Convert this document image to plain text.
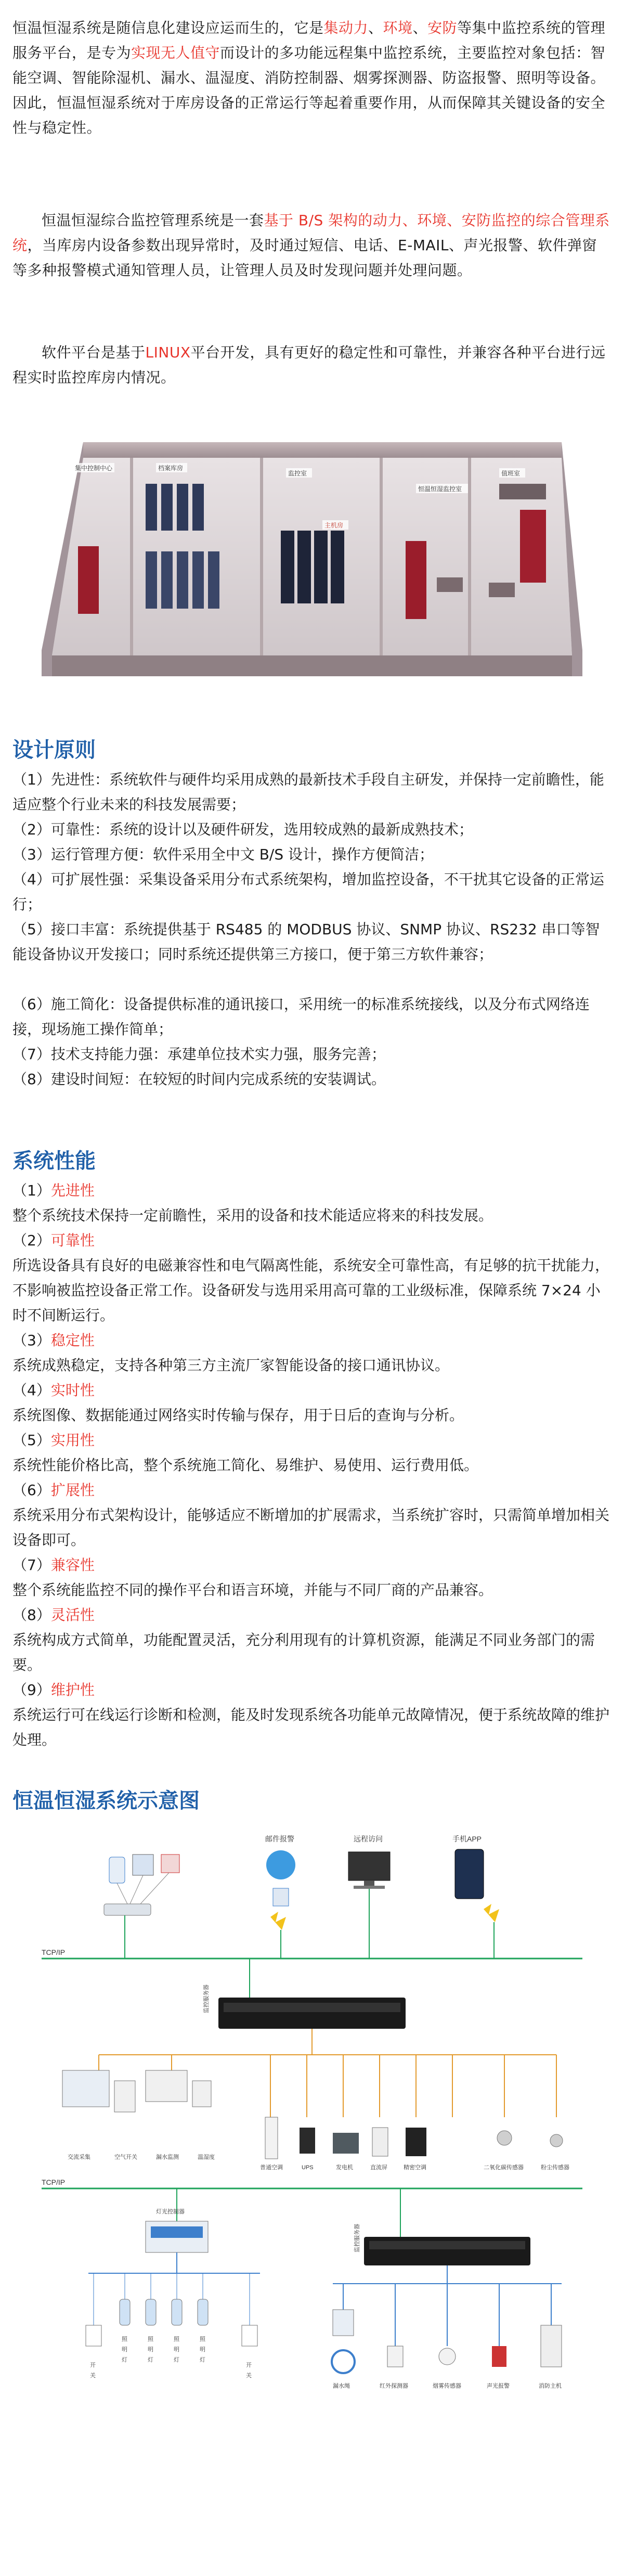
恒温恒湿系统是随信息化建设应运而生的，它是集动力、环境、安防等集中监控系统的管理服务平台，是专为实现无人值守而设计的多功能远程集中监控系统，主要监控对象包括：智能空调、智能除湿机、漏水、温湿度、消防控制器、烟雾探测器、防盗报警、照明等设备。因此，恒温恒湿系统对于库房设备的正常运行等起着重要作用，从而保障其关键设备的安全性与稳定性。
恒温恒湿综合监控管理系统是一套基于 B/S 架构的动力、环境、安防监控的综合管理系统，当库房内设备参数出现异常时，及时通过短信、电话、E-MAIL、声光报警、软件弹窗等多种报警模式通知管理人员，让管理人员及时发现问题并处理问题。
软件平台是基于LINUX平台开发，具有更好的稳定性和可靠性，并兼容各种平台进行远程实时监控库房内情况。
集中控制中心	档案库房
监控室
主机房
恒温恒湿监控室
值班室
设计原则
（1）先进性：系统软件与硬件均采用成熟的最新技术手段自主研发，并保持一定前瞻性，能适应整个行业未来的科技发展需要；
（2）可靠性：系统的设计以及硬件研发，选用较成熟的最新成熟技术；
（3）运行管理方便：软件采用全中文 B/S 设计，操作方便简洁；
（4）可扩展性强：采集设备采用分布式系统架构，增加监控设备，不干扰其它设备的正常运行；
（5）接口丰富：系统提供基于 RS485 的 MODBUS 协议、SNMP 协议、RS232 串口等智能设备协议开发接口；同时系统还提供第三方接口，便于第三方软件兼容；
（6）施工简化：设备提供标准的通讯接口，采用统一的标准系统接线，以及分布式网络连接，现场施工操作简单；
（7）技术支持能力强：承建单位技术实力强，服务完善；
（8）建设时间短：在较短的时间内完成系统的安装调试。
系统性能
（1）先进性
整个系统技术保持一定前瞻性，采用的设备和技术能适应将来的科技发展。
（2）可靠性
所选设备具有良好的电磁兼容性和电气隔离性能，系统安全可靠性高，有足够的抗干扰能力，不影响被监控设备正常工作。设备研发与选用采用高可靠的工业级标准，保障系统 7×24 小时不间断运行。
（3）稳定性
系统成熟稳定，支持各种第三方主流厂家智能设备的接口通讯协议。
（4）实时性
系统图像、数据能通过网络实时传输与保存，用于日后的查询与分析。
（5）实用性
系统性能价格比高，整个系统施工简化、易维护、易使用、运行费用低。
（6）扩展性
系统采用分布式架构设计，能够适应不断增加的扩展需求，当系统扩容时，只需简单增加相关设备即可。
（7）兼容性
整个系统能监控不同的操作平台和语言环境，并能与不同厂商的产品兼容。
（8）灵活性
系统构成方式简单，功能配置灵活，充分利用现有的计算机资源，能满足不同业务部门的需要。
（9）维护性
系统运行可在线运行诊断和检测，能及时发现系统各功能单元故障情况，便于系统故障的维护处理。
恒温恒湿系统示意图
邮件报警	远程访问	手机APP
TCP/IP
监控服务器
交流采集	空气开关	漏水监测	温湿度
普通空调	UPS	发电机	直流屏	精密空调	二氧化碳传感器	粉尘传感器
TCP/IP
灯光控制器
开
关
照
明
灯
照
明
灯
照
明
灯
照
明
灯
开
关
监控服务器
漏水绳	红外探测器	烟雾传感器	声光报警	消防主机
